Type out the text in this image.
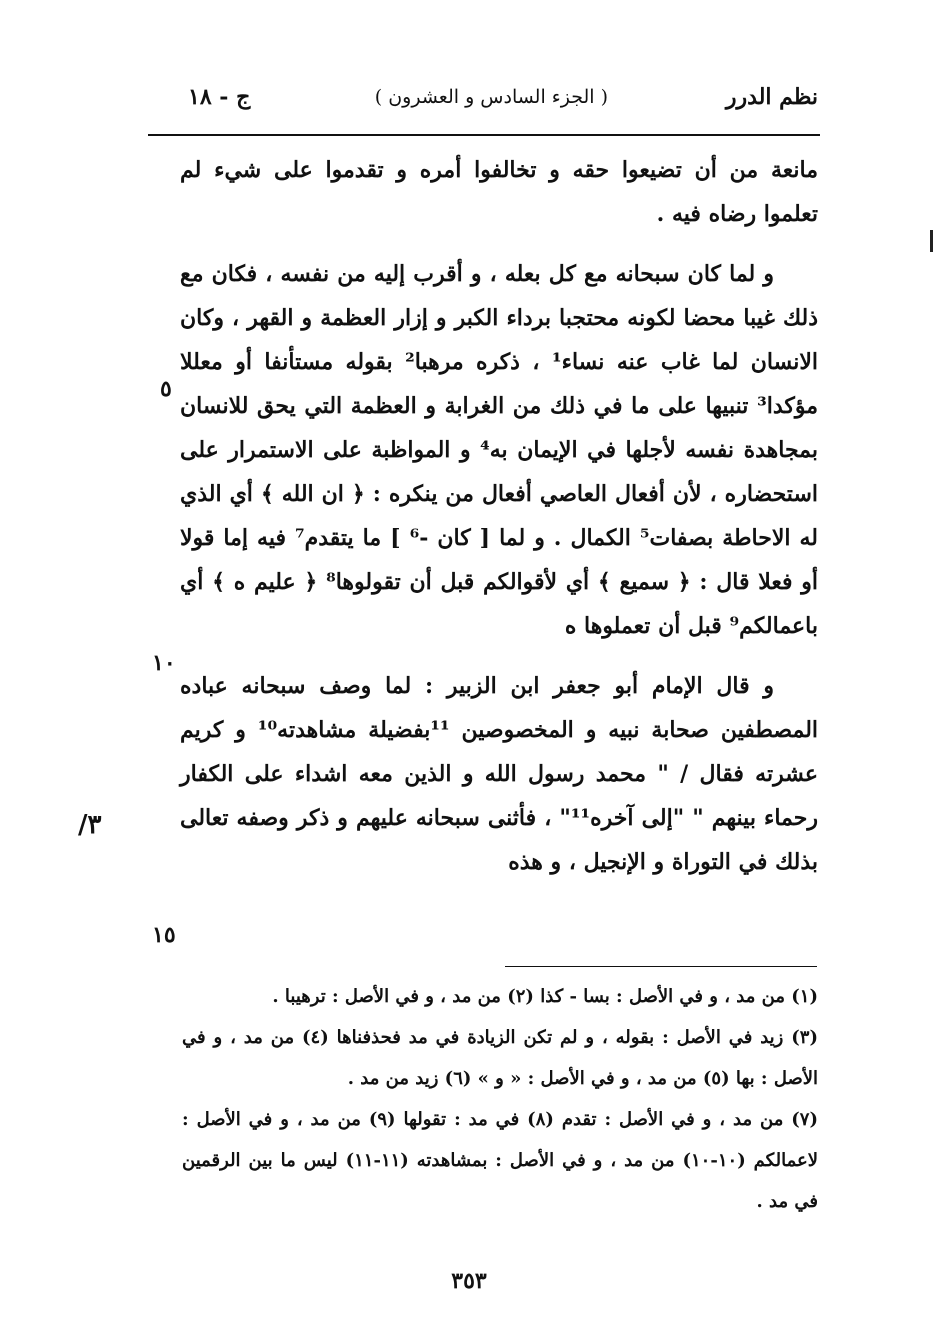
نظم الدرر
( الجزء السادس و العشرون )
ج - ١٨

مانعة من أن تضيعوا حقه و تخالفوا أمره و تقدموا على شيء لم تعلموا رضاه فيه .

و لما كان سبحانه مع كل بعله ، و أقرب إليه من نفسه ، فكان مع ذلك غيبا محضا لكونه محتجبا برداء الكبر و إزار العظمة و القهر ، وكان الانسان لما غاب عنه نساء¹ ، ذكره مرهبا² بقوله مستأنفا أو معللا مؤكدا³ تنبيها على ما في ذلك من الغرابة و العظمة التي يحق للانسان بمجاهدة نفسه لأجلها في الإيمان به⁴ و المواظبة على الاستمرار على استحضاره ، لأن أفعال العاصي أفعال من ينكره : ﴿ ان الله ﴾ أي الذي له الاحاطة بصفات⁵ الكمال . و لما [ كان -⁶ ] ما يتقدم⁷ فيه إما قولا أو فعلا قال : ﴿ سميع ﴾ أي لأقوالكم قبل أن تقولوها⁸ ﴿ عليم ه ﴾ أي باعمالكم⁹ قبل أن تعملوها ه

و قال الإمام أبو جعفر ابن الزبير : لما وصف سبحانه عباده المصطفين صحابة نبيه و المخصوصين ¹¹بفضيلة مشاهدته¹⁰ و كريم عشرته فقال / " محمد رسول الله و الذين معه اشداء على الكفار رحماء بينهم " "إلى آخره¹¹" ، فأثنى سبحانه عليهم و ذكر وصفه تعالى بذلك في التوراة و الإنجيل ، و هذه

٥
١٠
١٥
٣/

(١) من مد ، و في الأصل : بسا - كذا (٢) من مد ، و في الأصل : ترهيبا .

(٣) زيد في الأصل : بقوله ، و لم تكن الزيادة في مد فحذفناها (٤) من مد ، و في الأصل : بها (٥) من مد ، و في الأصل : « و » (٦) زيد من مد .

(٧) من مد ، و في الأصل : تقدم (٨) في مد : تقولها (٩) من مد ، و في الأصل : لاعمالكم (١٠-١٠) من مد ، و في الأصل : بمشاهدته (١١-١١) ليس ما بين الرقمين في مد .

٣٥٣
